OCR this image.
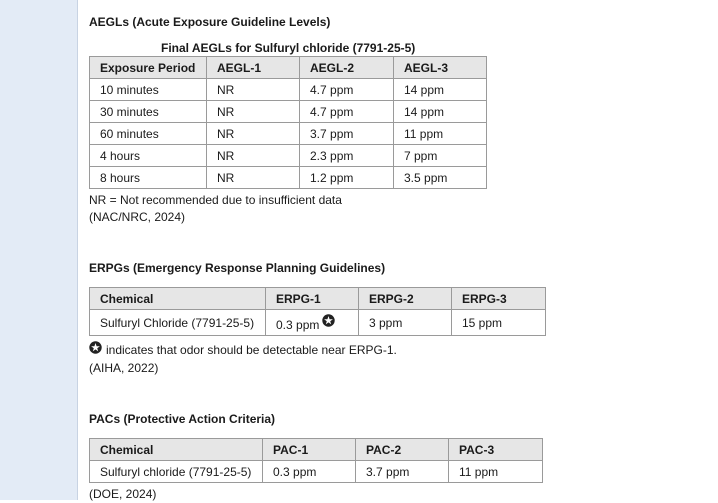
AEGLs (Acute Exposure Guideline Levels)
Final AEGLs for Sulfuryl chloride (7791-25-5)
Exposure Period	AEGL-1	AEGL-2	AEGL-3
10 minutes	NR	4.7 ppm	14 ppm
30 minutes	NR	4.7 ppm	14 ppm
60 minutes	NR	3.7 ppm	11 ppm
4 hours	NR	2.3 ppm	7 ppm
8 hours	NR	1.2 ppm	3.5 ppm
NR = Not recommended due to insufficient data
(NAC/NRC, 2024)
ERPGs (Emergency Response Planning Guidelines)
Chemical	ERPG-1	ERPG-2	ERPG-3
Sulfuryl Chloride (7791-25-5)	0.3 ppm	3 ppm	15 ppm
indicates that odor should be detectable near ERPG-1.
(AIHA, 2022)
PACs (Protective Action Criteria)
Chemical	PAC-1	PAC-2	PAC-3
Sulfuryl chloride (7791-25-5)	0.3 ppm	3.7 ppm	11 ppm
(DOE, 2024)
